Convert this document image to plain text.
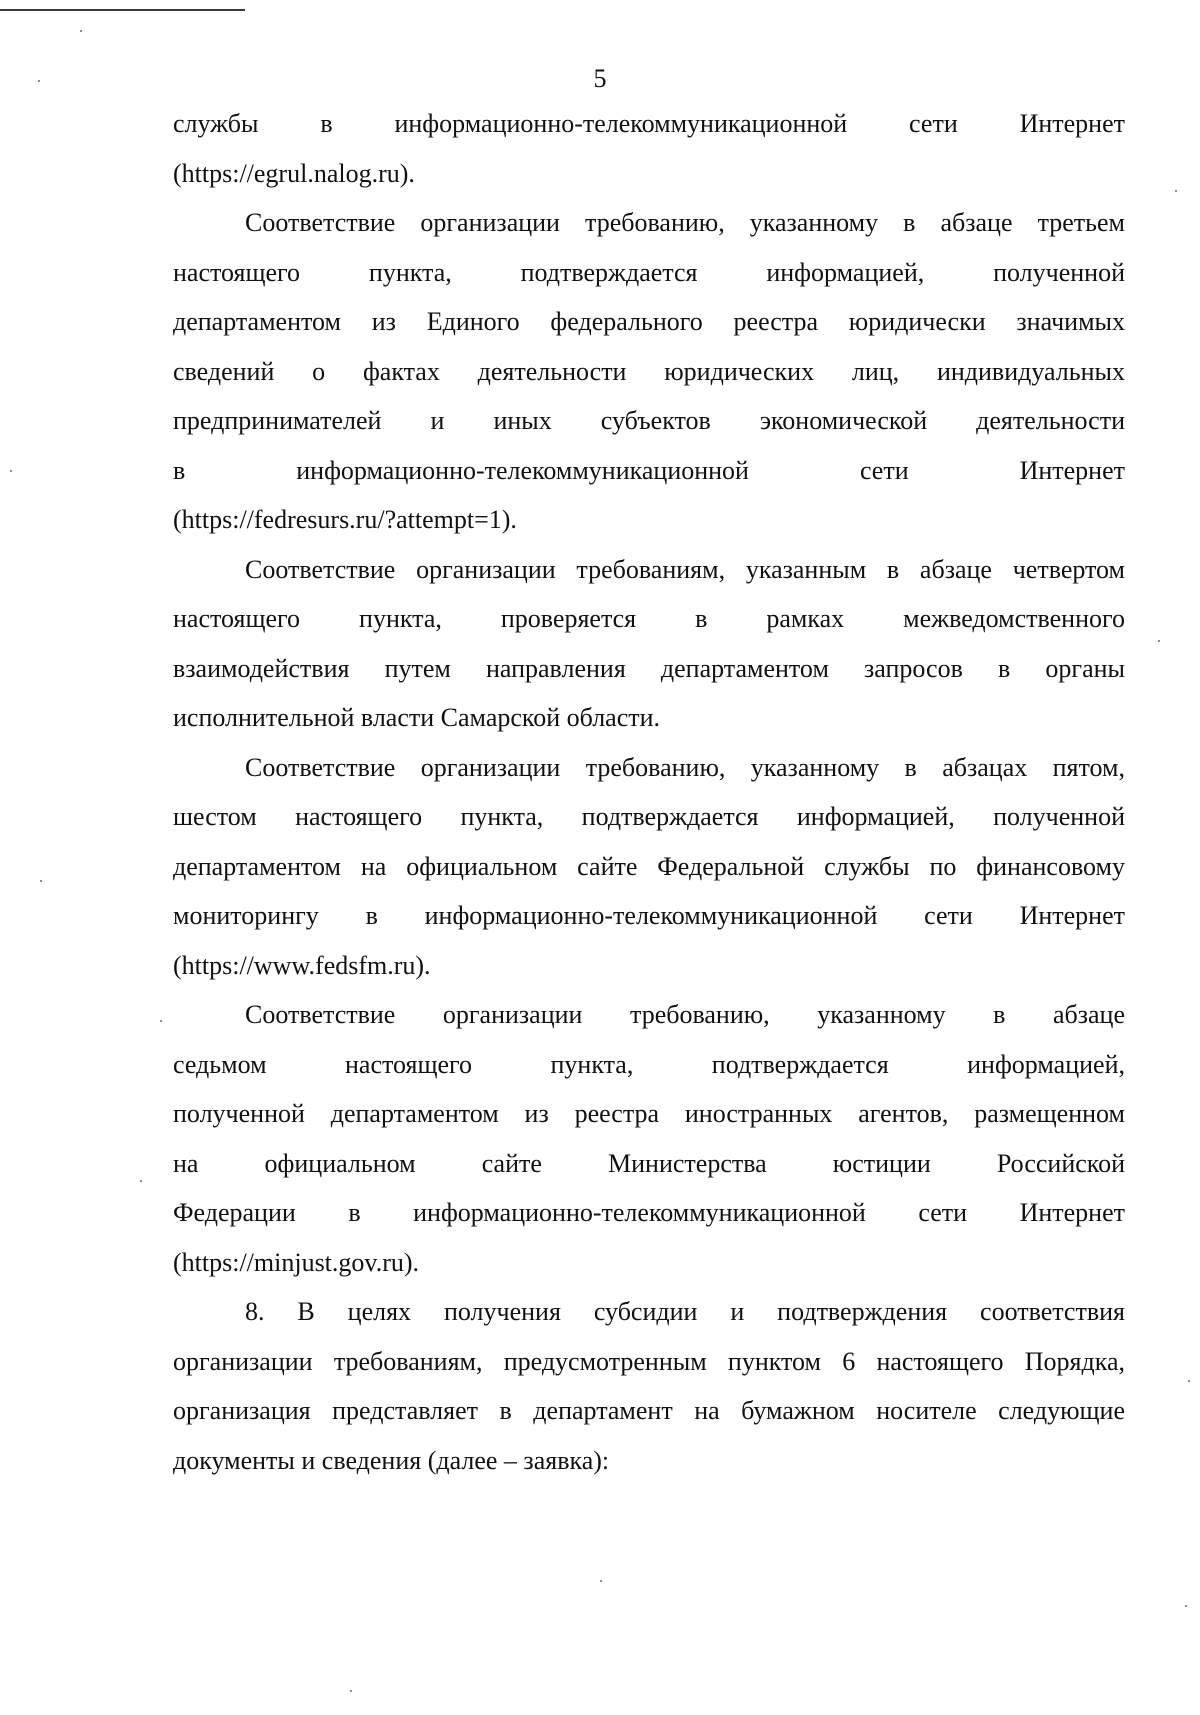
5
службы в информационно-телекоммуникационной сети Интернет
(https://egrul.nalog.ru).
Соответствие организации требованию, указанному в абзаце третьем
настоящего пункта, подтверждается информацией, полученной
департаментом из Единого федерального реестра юридически значимых
сведений о фактах деятельности юридических лиц, индивидуальных
предпринимателей и иных субъектов экономической деятельности
в информационно-телекоммуникационной сети Интернет
(https://fedresurs.ru/?attempt=1).
Соответствие организации требованиям, указанным в абзаце четвертом
настоящего пункта, проверяется в рамках межведомственного
взаимодействия путем направления департаментом запросов в органы
исполнительной власти Самарской области.
Соответствие организации требованию, указанному в абзацах пятом,
шестом настоящего пункта, подтверждается информацией, полученной
департаментом на официальном сайте Федеральной службы по финансовому
мониторингу в информационно-телекоммуникационной сети Интернет
(https://www.fedsfm.ru).
Соответствие организации требованию, указанному в абзаце
седьмом настоящего пункта, подтверждается информацией,
полученной департаментом из реестра иностранных агентов, размещенном
на официальном сайте Министерства юстиции Российской
Федерации в информационно-телекоммуникационной сети Интернет
(https://minjust.gov.ru).
8. В целях получения субсидии и подтверждения соответствия
организации требованиям, предусмотренным пунктом 6 настоящего Порядка,
организация представляет в департамент на бумажном носителе следующие
документы и сведения (далее – заявка):
